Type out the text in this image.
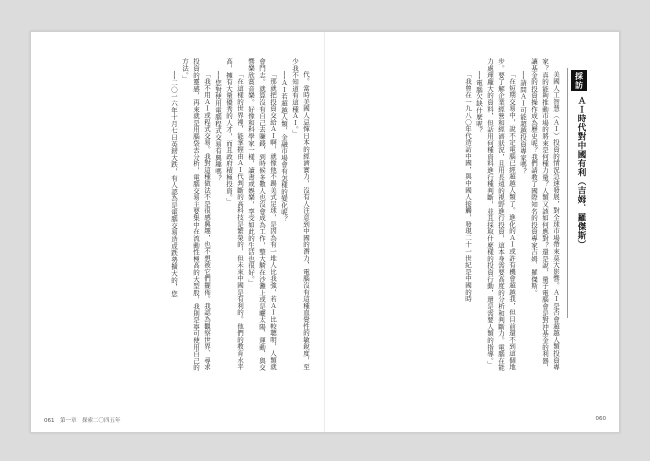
代。當時美國人忌憚日本的經濟實力，沒有人注意到中國的潛力，電腦沒有這種直覺性的敏銳度，至少我不知道有這種ＡＩ。」

──ＡＩ若超越人類，金融市場會有怎樣的變化呢？

「那就把投資交給ＡＩ啊，就像他不踢美式足球，是因為有一堆人比我強，若ＡＩ比較聰明，人類就會鬥志。就算沒有自己去賺錢，到時候多數人也沒會成為工作，整大騎在沙灘上或是曬太陽、運動、與交響樂欣賞音樂。好像和科學家一樣，讀書或娛樂，享受如此的生活也很好。」

「在這樣的世界裡，能掌握由ＡＩ代判斷的高科技是繁榮的，但未來中國是有利的。他們的教育水平高，擁有大量優秀的人才，而且政府積極投資。」

──您對使用電腦程式交易有興趣嗎？

「我不用ＡＩ或程式交易。我對這種做法不是很感興趣，也不想被它們擺佈。我認為觀察世界、尋求投資的靈感，再來就是用腦袋去分析，電腦交易主要集中在流動性極高的大型股，我則是寧可使用自己的方法。」

──二〇一六年十月七日英鎊大跌，有人認為是電腦交易造成跌勢擴大的，您	美國人工智慧（ＡＩ）投資的情況急速發展，對全球市場帶來莫大影響。ＡＩ是否會超越人類投資專家？真的能夠推動市場的將來是何種力量？人類又該如何應對？還是說，量子電腦會是對沖基金的利器，讓基金的投資操作成為歷史呢？我們請教了國際知名的投資專家吉姆．羅傑斯。

──請問ＡＩ可能超越投資專家嗎？

「在短期交易中，說不定電腦已經超越人類了。進化的ＡＩ或許有機會超越我，但目前還不到這個地步。要了解企業經營和經濟狀況，且用長遠的視野進行投資，這本身需要高度的分析和判斷力。電腦在能力處理龐大的資料，但話用何種資料進行種判斷，並且採取什麼樣的投資行動，還是需要人類的指導。」

──電腦欠缺什麼呢？

「我曾在一九八〇年代造訪中國，與中國人接觸，發現二十一世紀是中國的時	採訪
ＡＩ時代對中國有利（吉姆．羅傑斯）
061　第一章　探索二〇四五年	060
